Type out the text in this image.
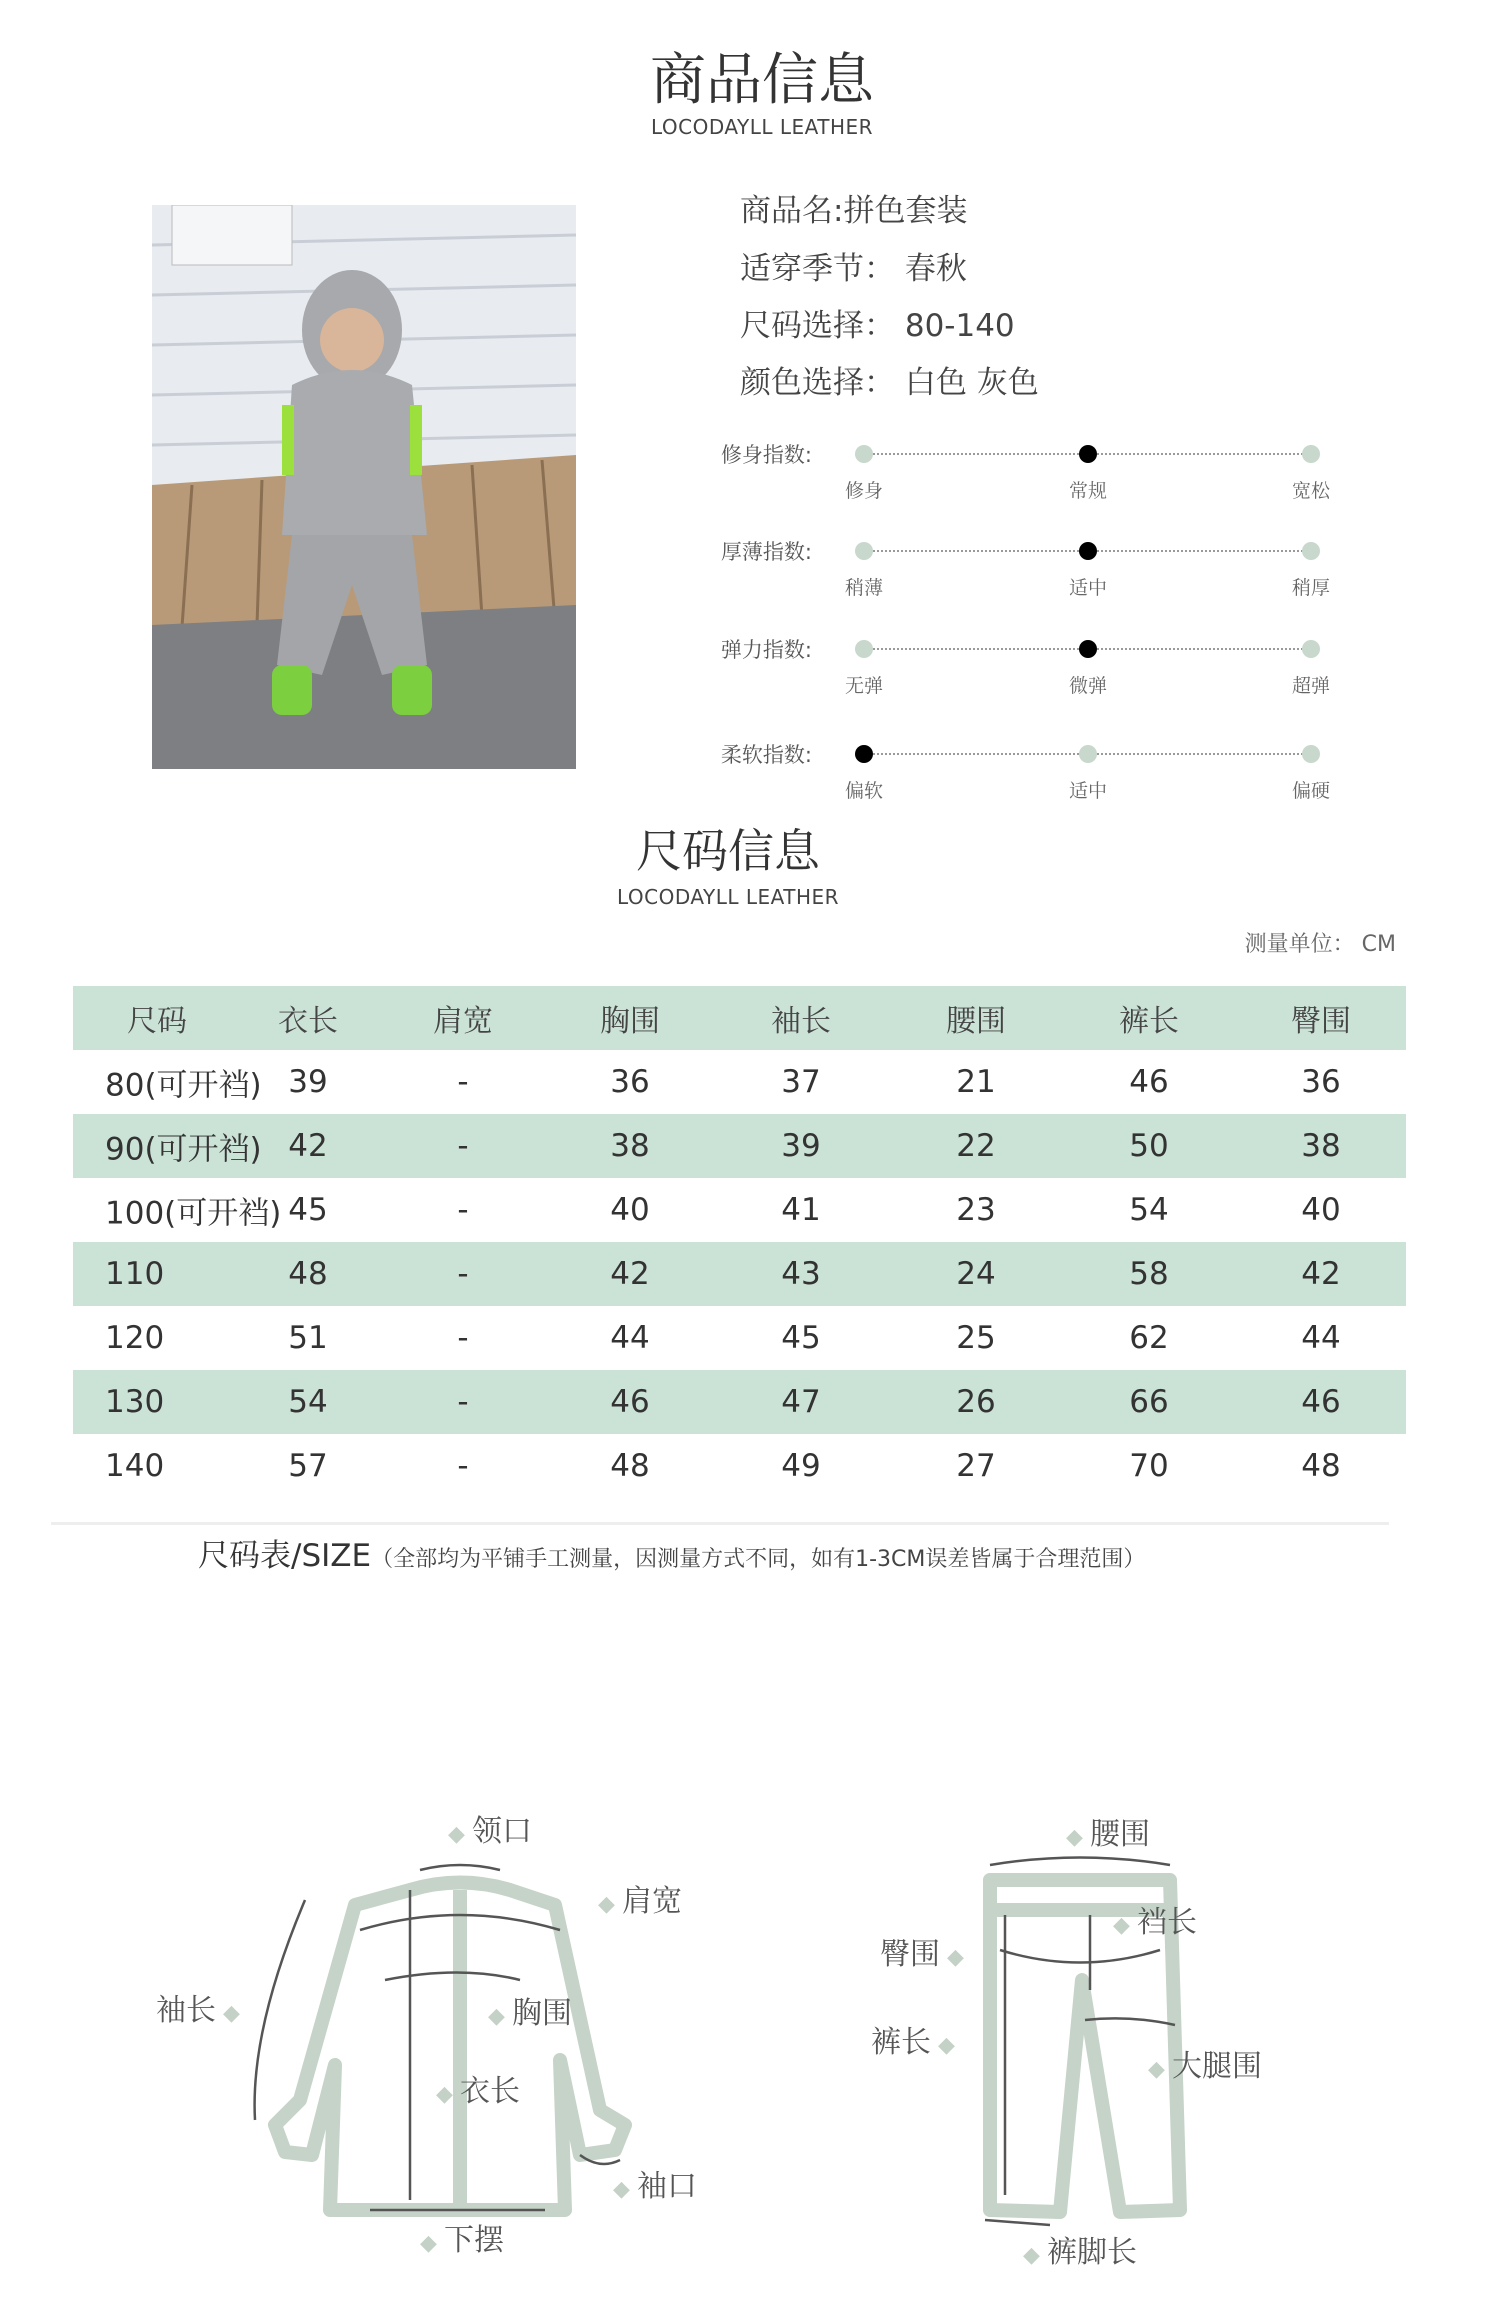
商品信息
LOCODAYLL LEATHER
商品名:拼色套装
适穿季节： 春秋
尺码选择： 80-140
颜色选择： 白色 灰色
修身指数:
修身	常规	宽松
厚薄指数:
稍薄	适中	稍厚
弹力指数:
无弹	微弹	超弹
柔软指数:
偏软	适中	偏硬
尺码信息
LOCODAYLL LEATHER
测量单位： CM
尺码	衣长	肩宽	胸围	袖长	腰围	裤长	臀围
80(可开裆) 39	-	36	37	21	46	36
90(可开裆) 42	-	38	39	22	50	38
100(可开裆) 45	-	40	41	23	54	40
110	48	-	42	43	24	58	42
120	51	-	44	45	25	62	44
130	54	-	46	47	26	66	46
140	57	-	48	49	27	70	48
尺码表/SIZE（全部均为平铺手工测量，因测量方式不同，如有1-3CM误差皆属于合理范围）
◆ 领口
◆ 肩宽
袖长 ◆	◆ 胸围
◆ 衣长
◆ 袖口
◆ 下摆
◆ 腰围
◆ 裆长
臀围 ◆
裤长 ◆
◆ 大腿围
◆ 裤脚长
